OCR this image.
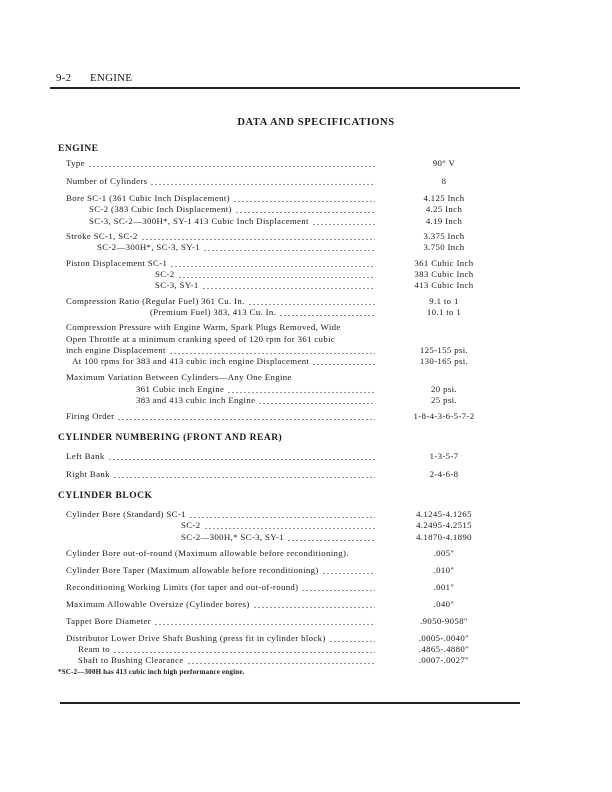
9-2 ENGINE
DATA AND SPECIFICATIONS
ENGINE
Type	90° V
Number of Cylinders	8
Bore SC-1 (361 Cubic Inch Displacement)	4.125 Inch
SC-2 (383 Cubic Inch Displacement)	4.25 Inch
SC-3, SC-2—300H*, SY-1 413 Cubic Inch Displacement	4.19 Inch
Stroke SC-1, SC-2	3.375 Inch
SC-2—300H*, SC-3, SY-1	3.750 Inch
Piston Displacement SC-1	361 Cubic Inch
SC-2	383 Cubic Inch
SC-3, SY-1	413 Cubic Inch
Compression Ratio (Regular Fuel) 361 Cu. In.	9.1 to 1
(Premium Fuel) 383, 413 Cu. In.	10.1 to 1
Compression Pressure with Engine Warm, Spark Plugs Removed, Wide
Open Throttle at a minimum cranking speed of 120 rpm for 361 cubic
inch engine Displacement	125-155 psi.
At 100 rpms for 383 and 413 cubic inch engine Displacement	130-165 psi.
Maximum Variation Between Cylinders—Any One Engine
361 Cubic inch Engine	20 psi.
383 and 413 cubic inch Engine	25 psi.
Firing Order	1-8-4-3-6-5-7-2
CYLINDER NUMBERING (FRONT AND REAR)
Left Bank	1-3-5-7
Right Bank	2-4-6-8
CYLINDER BLOCK
Cylinder Bore (Standard) SC-1	4.1245-4.1265
SC-2	4.2495-4.2515
SC-2—300H,* SC-3, SY-1	4.1870-4.1890
Cylinder Bore out-of-round (Maximum allowable before reconditioning).	.005″
Cylinder Bore Taper (Maximum allowable before reconditioning)	.010″
Reconditioning Working Limits (for taper and out-of-round)	.001″
Maximum Allowable Oversize (Cylinder bores)	.040″
Tappet Bore Diameter	.9050-9058″
Distributor Lower Drive Shaft Bushing (press fit in cylinder block)	.0005-.0040″
Ream to	.4865-.4880″
Shaft to Bushing Clearance	.0007-.0027″
*SC-2—300H has 413 cubic inch high performance engine.
